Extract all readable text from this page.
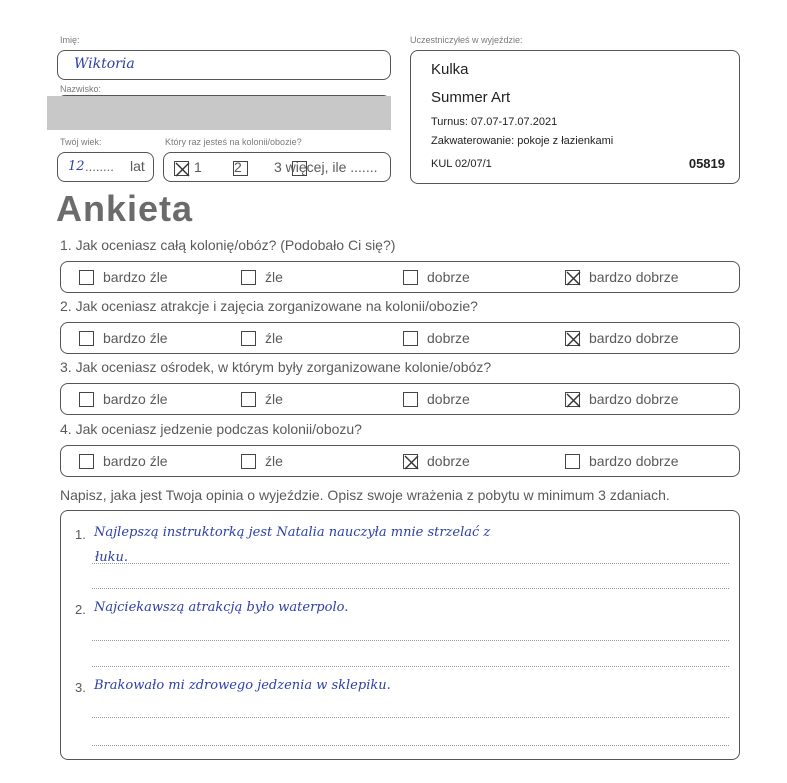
Imię:
Wiktoria
Nazwisko:
Twój wiek:
12 ........ lat
Który raz jesteś na kolonii/obozie?

1
2 3 więcej, ile .......
Uczestniczyłeś w wyjeździe:
Kulka
Summer Art
Turnus: 07.07-17.07.2021
Zakwaterowanie: pokoje z łazienkami
KUL 02/07/1	05819
Ankieta
1. Jak oceniasz całą kolonię/obóz? (Podobało Ci się?)
bardzo źle	źle	dobrze	bardzo dobrze
2. Jak oceniasz atrakcje i zajęcia zorganizowane na kolonii/obozie?
bardzo źle	źle	dobrze	bardzo dobrze
3. Jak oceniasz ośrodek, w którym były zorganizowane kolonie/obóz?
bardzo źle	źle	dobrze	bardzo dobrze
4. Jak oceniasz jedzenie podczas kolonii/obozu?
bardzo źle	źle	dobrze	bardzo dobrze
Napisz, jaka jest Twoja opinia o wyjeździe. Opisz swoje wrażenia z pobytu w minimum 3 zdaniach.
1. Najlepszą instruktorką jest Natalia nauczyła mnie strzelać z
łuku.
2. Najciekawszą atrakcją było waterpolo.
3. Brakowało mi zdrowego jedzenia w sklepiku.
